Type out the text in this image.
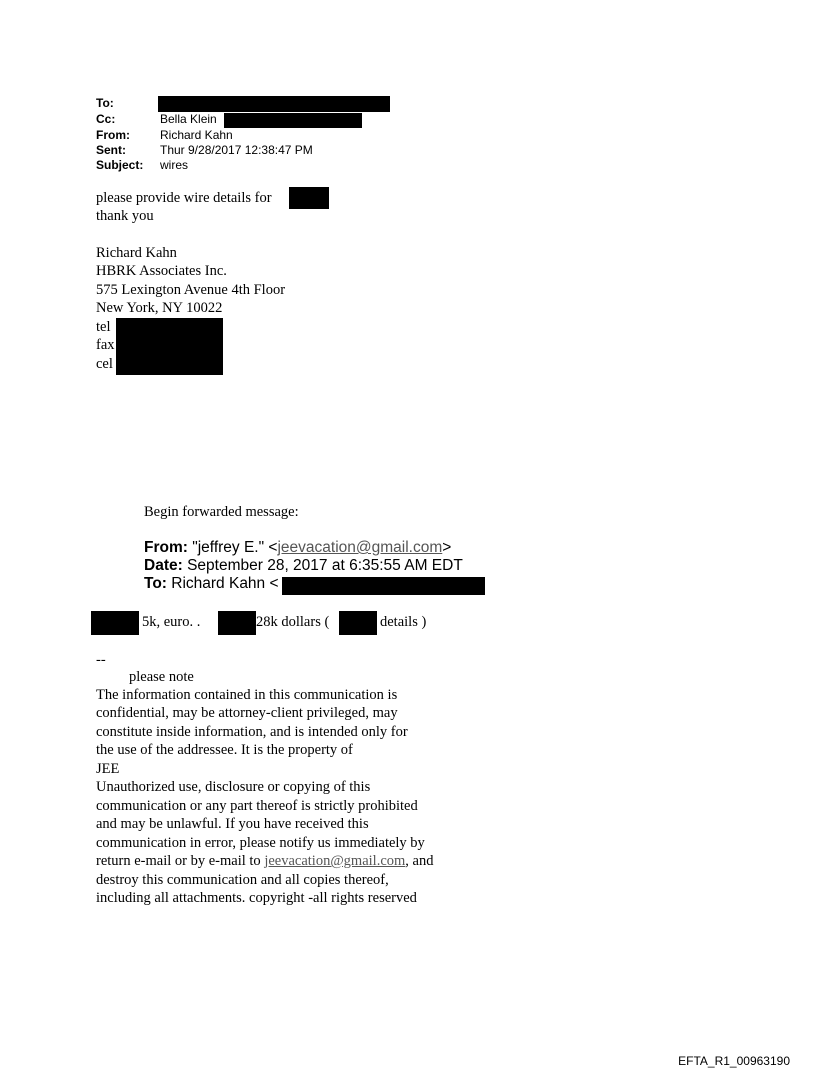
To:
Cc:	Bella Klein
From:	Richard Kahn
Sent:	Thur 9/28/2017 12:38:47 PM
Subject: wires
please provide wire details for
thank you
Richard Kahn
HBRK Associates Inc.
575 Lexington Avenue 4th Floor
New York, NY 10022
tel
fax
cel
Begin forwarded message:
From: "jeffrey E." <jeevacation@gmail.com>
Date: September 28, 2017 at 6:35:55 AM EDT
To: Richard Kahn <
5k, euro. .	28k dollars (	details )
--
please note
The information contained in this communication is
confidential, may be attorney-client privileged, may
constitute inside information, and is intended only for
the use of the addressee. It is the property of
JEE
Unauthorized use, disclosure or copying of this
communication or any part thereof is strictly prohibited
and may be unlawful. If you have received this
communication in error, please notify us immediately by
return e-mail or by e-mail to jeevacation@gmail.com, and
destroy this communication and all copies thereof,
including all attachments. copyright -all rights reserved
EFTA_R1_00963190
